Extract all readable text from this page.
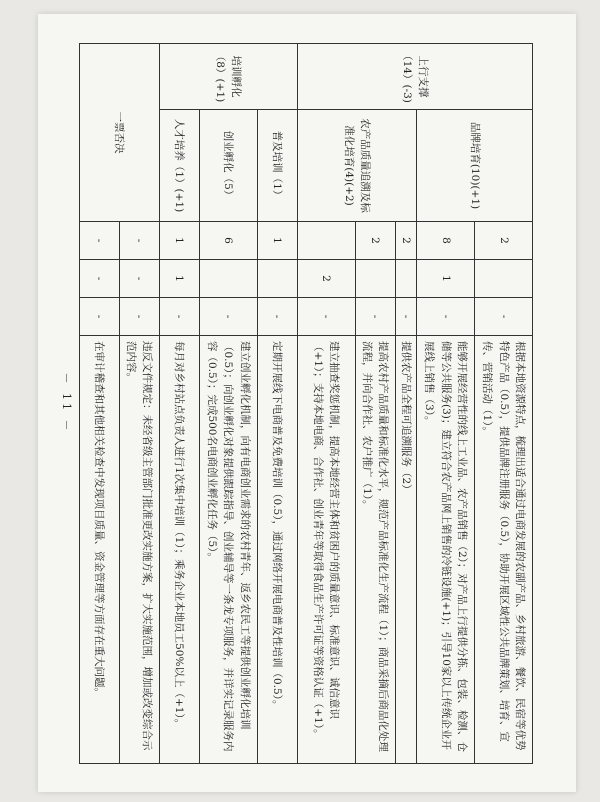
上行支撑（14）(-3)	品牌培育(10)(+1)	2		-	根据本地资源特点，梳理出适合通过电商发展的农副产品、乡村旅游、餐饮、民宿等优势特色产品（0.5），提供品牌注册服务（0.5），协助开展区域性公共品牌策划、培育、宣传、营销活动（1）。
		8	1	-	能够开展经营性的线上工业品、农产品销售（2）；对产品上行提供分拣、包装、检测、仓储等公共服务(3)；建立符合农产品网上销售的冷链设施(+1)；引导10家以上传统企业开展线上销售（3）。
	农产品质量追溯及标准化培育(4)(+2)	2		-	提供农产品全程可追溯服务（2）
		2		-	提高农村产品质量和标准化水平，规范产品标准化生产流程（1）；商品采摘后商品化处理流程，并向合作社、农户推广（1）。
			2	-	建立抽查奖惩机制，提高本地经营主体和贫困户的质量意识、标准意识、诚信意识（+1）；支持本地电商、合作社、创业青年等取得食品生产许可证等资格认证（+1）。
培训孵化（8）(+1)	普及培训（1）	1		-	定期开展线下电商普及免费培训（0.5），通过网络开展电商普及性培训（0.5）。
	创业孵化（5）	6		-	建立创业孵化机制，向有电商创业需求的农村青年、返乡农民工等提供创业孵化培训（0.5）；向创业孵化对象提供跟踪指导、创业辅导等一条龙专项服务，并详实记录服务内容（0.5）；完成500名电商创业孵化任务（5）。
	人才培养（1）(+1)	1	1	-	每月对乡村站点负责人进行1次集中培训（1）；乘务企业本地员工50%以上（+1）。
一票否决		-	-	-	违反文件规定：未经省级主管部门批准更改实施方案，扩大实施范围，增加或改变综合示范内容。
		-	-	-	在审计稽查和其他相关检查中发现项目质量、资金管理等方面存在重大问题。
－ 11 －
